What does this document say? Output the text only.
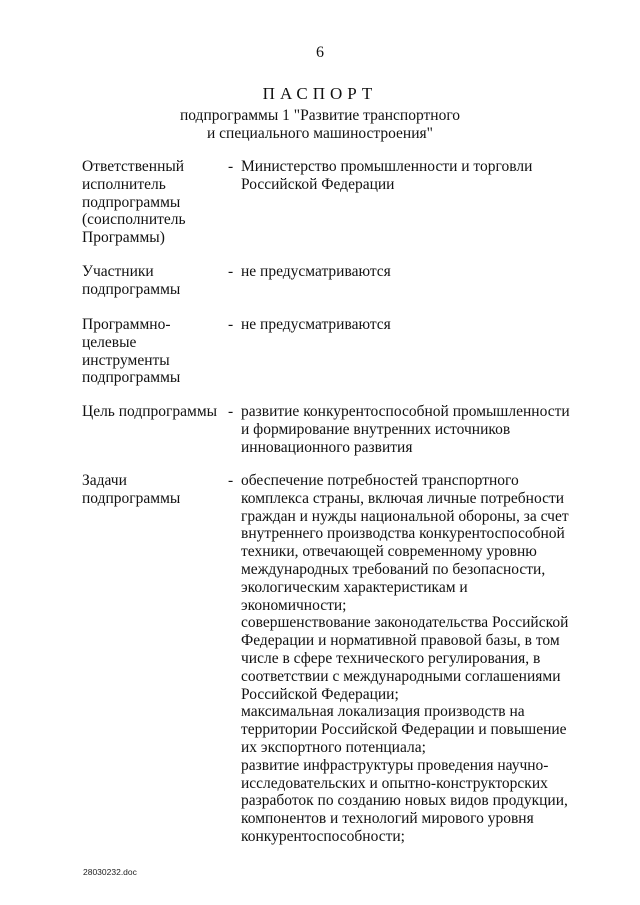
6
ПАСПОРТ
подпрограммы 1 "Развитие транспортного
и специального машиностроения"
Ответственный
исполнитель
подпрограммы
(соисполнитель
Программы)
- Министерство промышленности и торговли
Российской Федерации
Участники
подпрограммы
- не предусматриваются
Программно-
целевые
инструменты
подпрограммы
- не предусматриваются
Цель подпрограммы - развитие конкурентоспособной промышленности
и формирование внутренних источников
инновационного развития
Задачи
подпрограммы
- обеспечение потребностей транспортного
комплекса страны, включая личные потребности
граждан и нужды национальной обороны, за счет
внутреннего производства конкурентоспособной
техники, отвечающей современному уровню
международных требований по безопасности,
экологическим характеристикам и
экономичности;
совершенствование законодательства Российской
Федерации и нормативной правовой базы, в том
числе в сфере технического регулирования, в
соответствии с международными соглашениями
Российской Федерации;
максимальная локализация производств на
территории Российской Федерации и повышение
их экспортного потенциала;
развитие инфраструктуры проведения научно-
исследовательских и опытно-конструкторских
разработок по созданию новых видов продукции,
компонентов и технологий мирового уровня
конкурентоспособности;
28030232.doc
